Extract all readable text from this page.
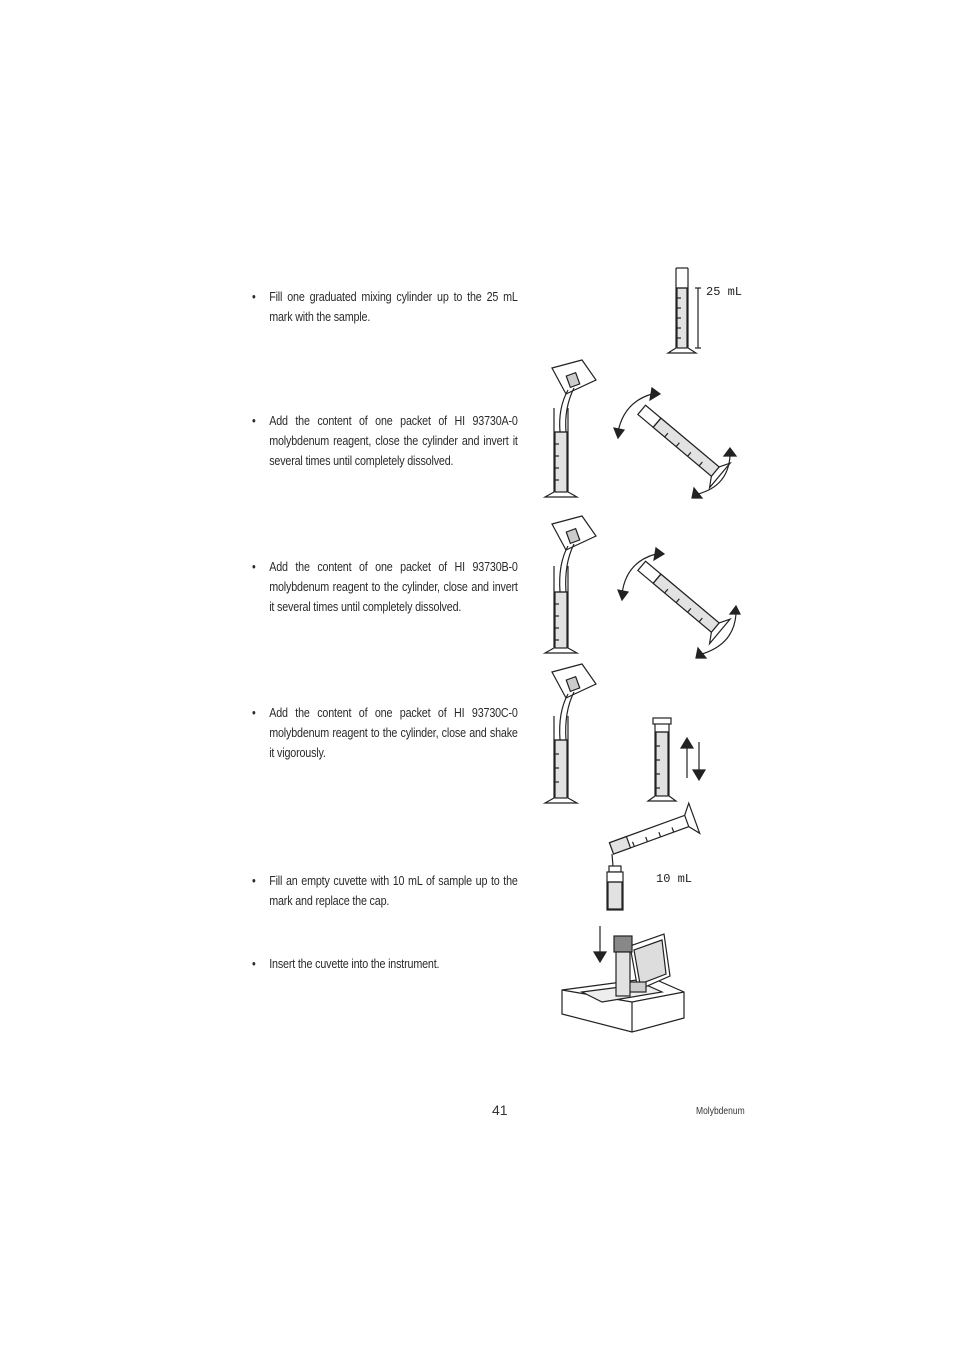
•	Fill one graduated mixing cylinder up to the 25 mL mark with the sample.
•	Add the content of one packet of HI 93730A-0 molybdenum reagent, close the cylinder and invert it several times until completely dissolved.
•	Add the content of one packet of HI 93730B-0 molybdenum reagent to the cylinder, close and invert it several times until completely dissolved.
•	Add the content of one packet of HI 93730C-0 molybdenum reagent to the cylinder, close and shake it vigorously.
•	Fill an empty cuvette with 10 mL of sample up to the mark and replace the cap.
•	Insert the cuvette into the instrument.
25 mL
10 mL
41	Molybdenum
